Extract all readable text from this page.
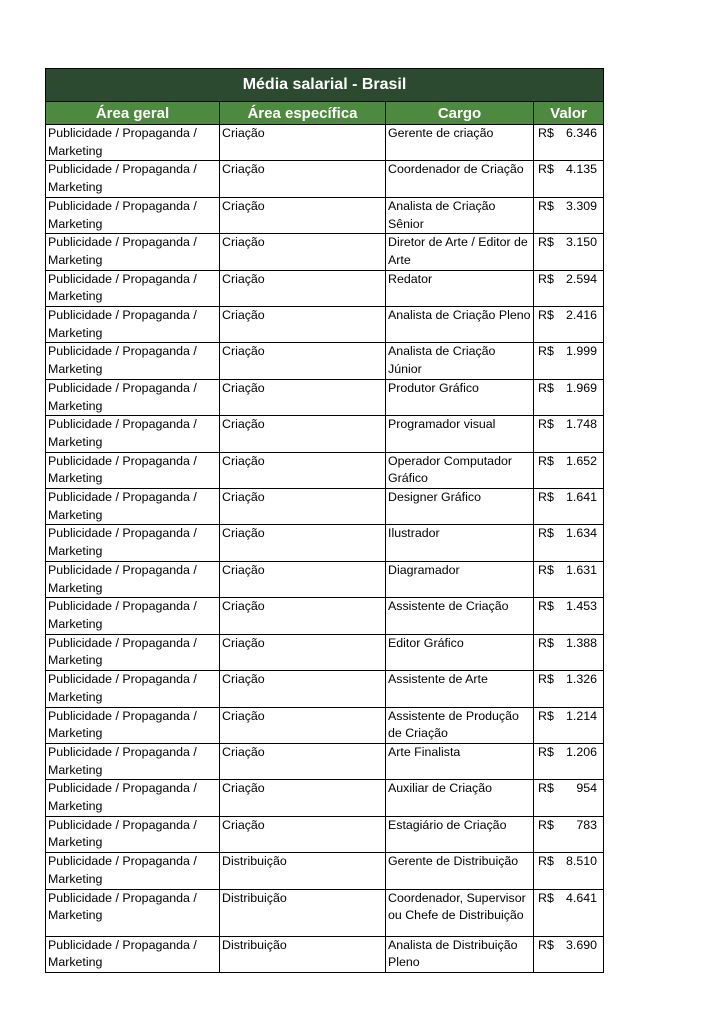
Média salarial - Brasil			
Área geral	Área específica	Cargo	Valor
Publicidade / Propaganda / Marketing	Criação	Gerente de criação	R$ 6.346

Publicidade / Propaganda / Marketing	Criação	Coordenador de Criação	R$ 4.135

Publicidade / Propaganda / Marketing	Criação	Analista de Criação Sênior	R$ 3.309

Publicidade / Propaganda / Marketing	Criação	Diretor de Arte / Editor de Arte	R$ 3.150

Publicidade / Propaganda / Marketing	Criação	Redator	R$ 2.594

Publicidade / Propaganda / Marketing	Criação	Analista de Criação Pleno	R$ 2.416

Publicidade / Propaganda / Marketing	Criação	Analista de Criação Júnior	R$ 1.999

Publicidade / Propaganda / Marketing	Criação	Produtor Gráfico	R$ 1.969

Publicidade / Propaganda / Marketing	Criação	Programador visual	R$ 1.748

Publicidade / Propaganda / Marketing	Criação	Operador Computador Gráfico	R$ 1.652

Publicidade / Propaganda / Marketing	Criação	Designer Gráfico	R$ 1.641

Publicidade / Propaganda / Marketing	Criação	Ilustrador	R$ 1.634

Publicidade / Propaganda / Marketing	Criação	Diagramador	R$ 1.631

Publicidade / Propaganda / Marketing	Criação	Assistente de Criação	R$ 1.453

Publicidade / Propaganda / Marketing	Criação	Editor Gráfico	R$ 1.388

Publicidade / Propaganda / Marketing	Criação	Assistente de Arte	R$ 1.326

Publicidade / Propaganda / Marketing	Criação	Assistente de Produção de Criação	R$ 1.214

Publicidade / Propaganda / Marketing	Criação	Arte Finalista	R$ 1.206

Publicidade / Propaganda / Marketing	Criação	Auxiliar de Criação	R$ 954

Publicidade / Propaganda / Marketing	Criação	Estagiário de Criação	R$ 783

Publicidade / Propaganda / Marketing	Distribuição	Gerente de Distribuição	R$ 8.510

Publicidade / Propaganda / Marketing	Distribuição	Coordenador, Supervisor ou Chefe de Distribuição	R$ 4.641

Publicidade / Propaganda / Marketing	Distribuição	Analista de Distribuição Pleno	R$ 3.690
